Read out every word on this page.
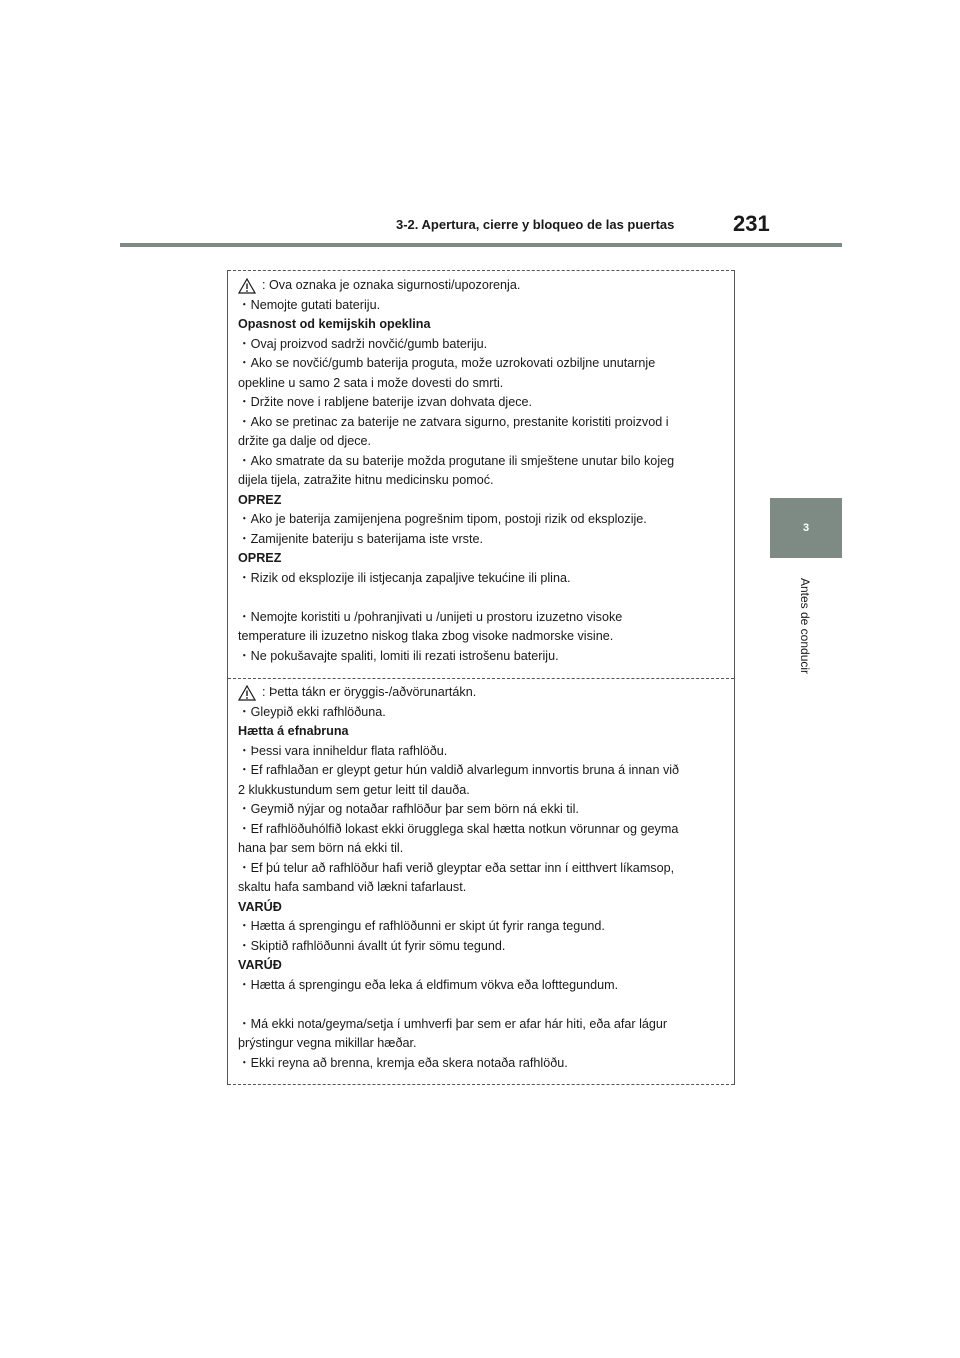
3-2. Apertura, cierre y bloqueo de las puertas	231
3
Antes de conducir

: Ova oznaka je oznaka sigurnosti/upozorenja.

・Nemojte gutati bateriju.

Opasnost od kemijskih opeklina

・Ovaj proizvod sadrži novčić/gumb bateriju.

・Ako se novčić/gumb baterija proguta, može uzrokovati ozbiljne unutarnje

opekline u samo 2 sata i može dovesti do smrti.

・Držite nove i rabljene baterije izvan dohvata djece.

・Ako se pretinac za baterije ne zatvara sigurno, prestanite koristiti proizvod i

držite ga dalje od djece.

・Ako smatrate da su baterije možda progutane ili smještene unutar bilo kojeg

dijela tijela, zatražite hitnu medicinsku pomoć.

OPREZ

・Ako je baterija zamijenjena pogrešnim tipom, postoji rizik od eksplozije.

・Zamijenite bateriju s baterijama iste vrste.

OPREZ

・Rizik od eksplozije ili istjecanja zapaljive tekućine ili plina.

・Nemojte koristiti u /pohranjivati u /unijeti u prostoru izuzetno visoke

temperature ili izuzetno niskog tlaka zbog visoke nadmorske visine.

・Ne pokušavajte spaliti, lomiti ili rezati istrošenu bateriju.

: Þetta tákn er öryggis-/aðvörunartákn.

・Gleypið ekki rafhlöðuna.

Hætta á efnabruna

・Þessi vara inniheldur flata rafhlöðu.

・Ef rafhlaðan er gleypt getur hún valdið alvarlegum innvortis bruna á innan við

2 klukkustundum sem getur leitt til dauða.

・Geymið nýjar og notaðar rafhlöður þar sem börn ná ekki til.

・Ef rafhlöðuhólfið lokast ekki örugglega skal hætta notkun vörunnar og geyma

hana þar sem börn ná ekki til.

・Ef þú telur að rafhlöður hafi verið gleyptar eða settar inn í eitthvert líkamsop,

skaltu hafa samband við lækni tafarlaust.

VARÚÐ

・Hætta á sprengingu ef rafhlöðunni er skipt út fyrir ranga tegund.

・Skiptið rafhlöðunni ávallt út fyrir sömu tegund.

VARÚÐ

・Hætta á sprengingu eða leka á eldfimum vökva eða lofttegundum.

・Má ekki nota/geyma/setja í umhverfi þar sem er afar hár hiti, eða afar lágur

þrýstingur vegna mikillar hæðar.

・Ekki reyna að brenna, kremja eða skera notaða rafhlöðu.
